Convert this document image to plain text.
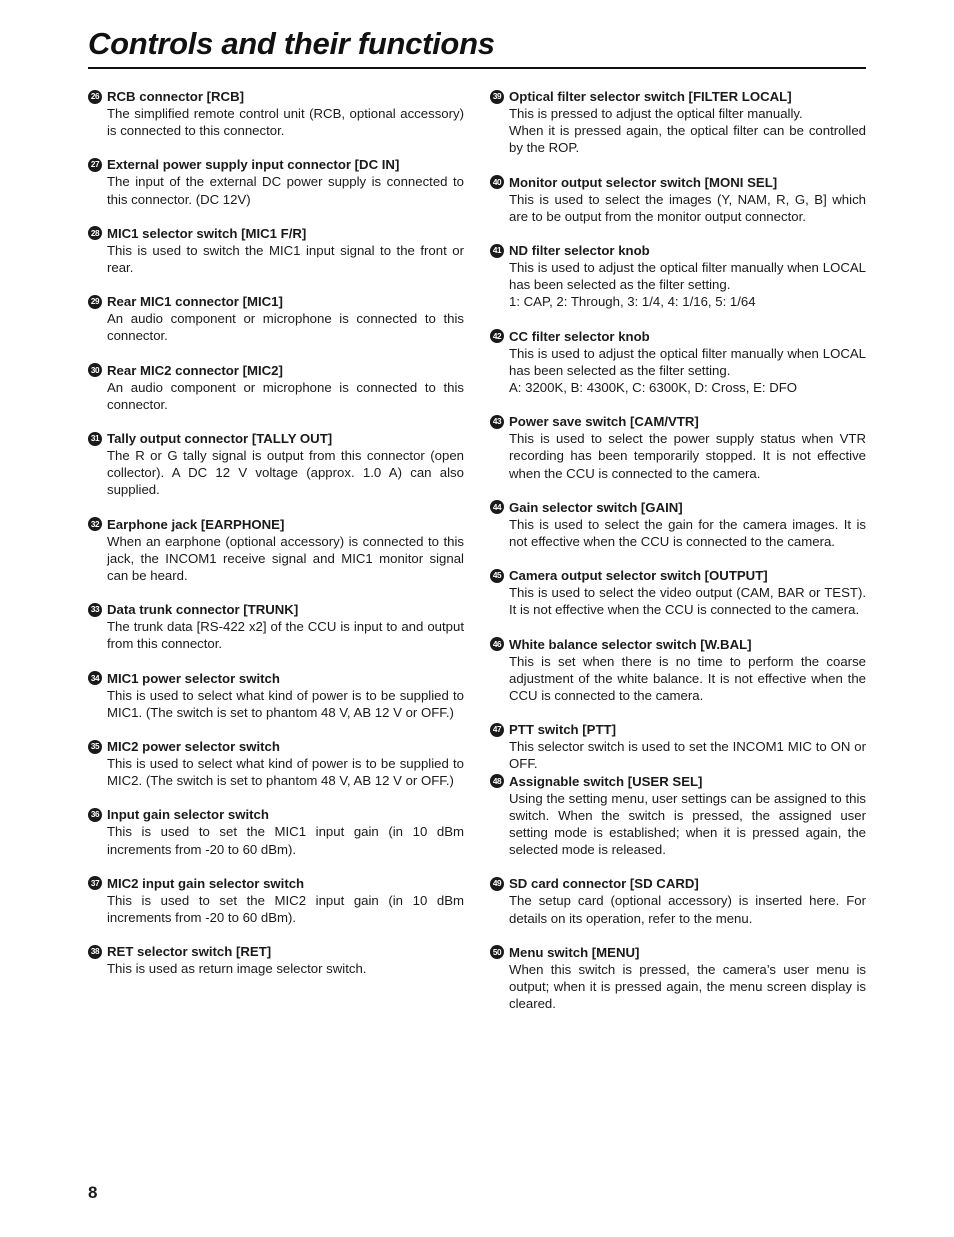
Controls and their functions
26 RCB connector [RCB]
The simplified remote control unit (RCB, optional accessory) is connected to this connector.
27 External power supply input connector [DC IN]
The input of the external DC power supply is connected to this connector. (DC 12V)
28 MIC1 selector switch [MIC1 F/R]
This is used to switch the MIC1 input signal to the front or rear.
29 Rear MIC1 connector [MIC1]
An audio component or microphone is connected to this connector.
30 Rear MIC2 connector [MIC2]
An audio component or microphone is connected to this connector.
31 Tally output connector [TALLY OUT]
The R or G tally signal is output from this connector (open collector). A DC 12 V voltage (approx. 1.0 A) can also supplied.
32 Earphone jack [EARPHONE]
When an earphone (optional accessory) is connected to this jack, the INCOM1 receive signal and MIC1 monitor signal can be heard.
33 Data trunk connector [TRUNK]
The trunk data [RS-422 x2] of the CCU is input to and output from this connector.
34 MIC1 power selector switch
This is used to select what kind of power is to be supplied to MIC1. (The switch is set to phantom 48 V, AB 12 V or OFF.)
35 MIC2 power selector switch
This is used to select what kind of power is to be supplied to MIC2. (The switch is set to phantom 48 V, AB 12 V or OFF.)
36 Input gain selector switch
This is used to set the MIC1 input gain (in 10 dBm increments from -20 to 60 dBm).
37 MIC2 input gain selector switch
This is used to set the MIC2 input gain (in 10 dBm increments from -20 to 60 dBm).
38 RET selector switch [RET]
This is used as return image selector switch.
39 Optical filter selector switch [FILTER LOCAL]
This is pressed to adjust the optical filter manually.
When it is pressed again, the optical filter can be controlled by the ROP.
40 Monitor output selector switch [MONI SEL]
This is used to select the images (Y, NAM, R, G, B] which are to be output from the monitor output connector.
41 ND filter selector knob
This is used to adjust the optical filter manually when LOCAL has been selected as the filter setting.
1: CAP, 2: Through, 3: 1/4, 4: 1/16, 5: 1/64
42 CC filter selector knob
This is used to adjust the optical filter manually when LOCAL has been selected as the filter setting.
A: 3200K, B: 4300K, C: 6300K, D: Cross, E: DFO
43 Power save switch [CAM/VTR]
This is used to select the power supply status when VTR recording has been temporarily stopped. It is not effective when the CCU is connected to the camera.
44 Gain selector switch [GAIN]
This is used to select the gain for the camera images. It is not effective when the CCU is connected to the camera.
45 Camera output selector switch [OUTPUT]
This is used to select the video output (CAM, BAR or TEST). It is not effective when the CCU is connected to the camera.
46 White balance selector switch [W.BAL]
This is set when there is no time to perform the coarse adjustment of the white balance. It is not effective when the CCU is connected to the camera.
47 PTT switch [PTT]
This selector switch is used to set the INCOM1 MIC to ON or OFF.
48 Assignable switch [USER SEL]
Using the setting menu, user settings can be assigned to this switch. When the switch is pressed, the assigned user setting mode is established; when it is pressed again, the selected mode is released.
49 SD card connector [SD CARD]
The setup card (optional accessory) is inserted here. For details on its operation, refer to the menu.
50 Menu switch [MENU]
When this switch is pressed, the camera’s user menu is output; when it is pressed again, the menu screen display is cleared.
8
